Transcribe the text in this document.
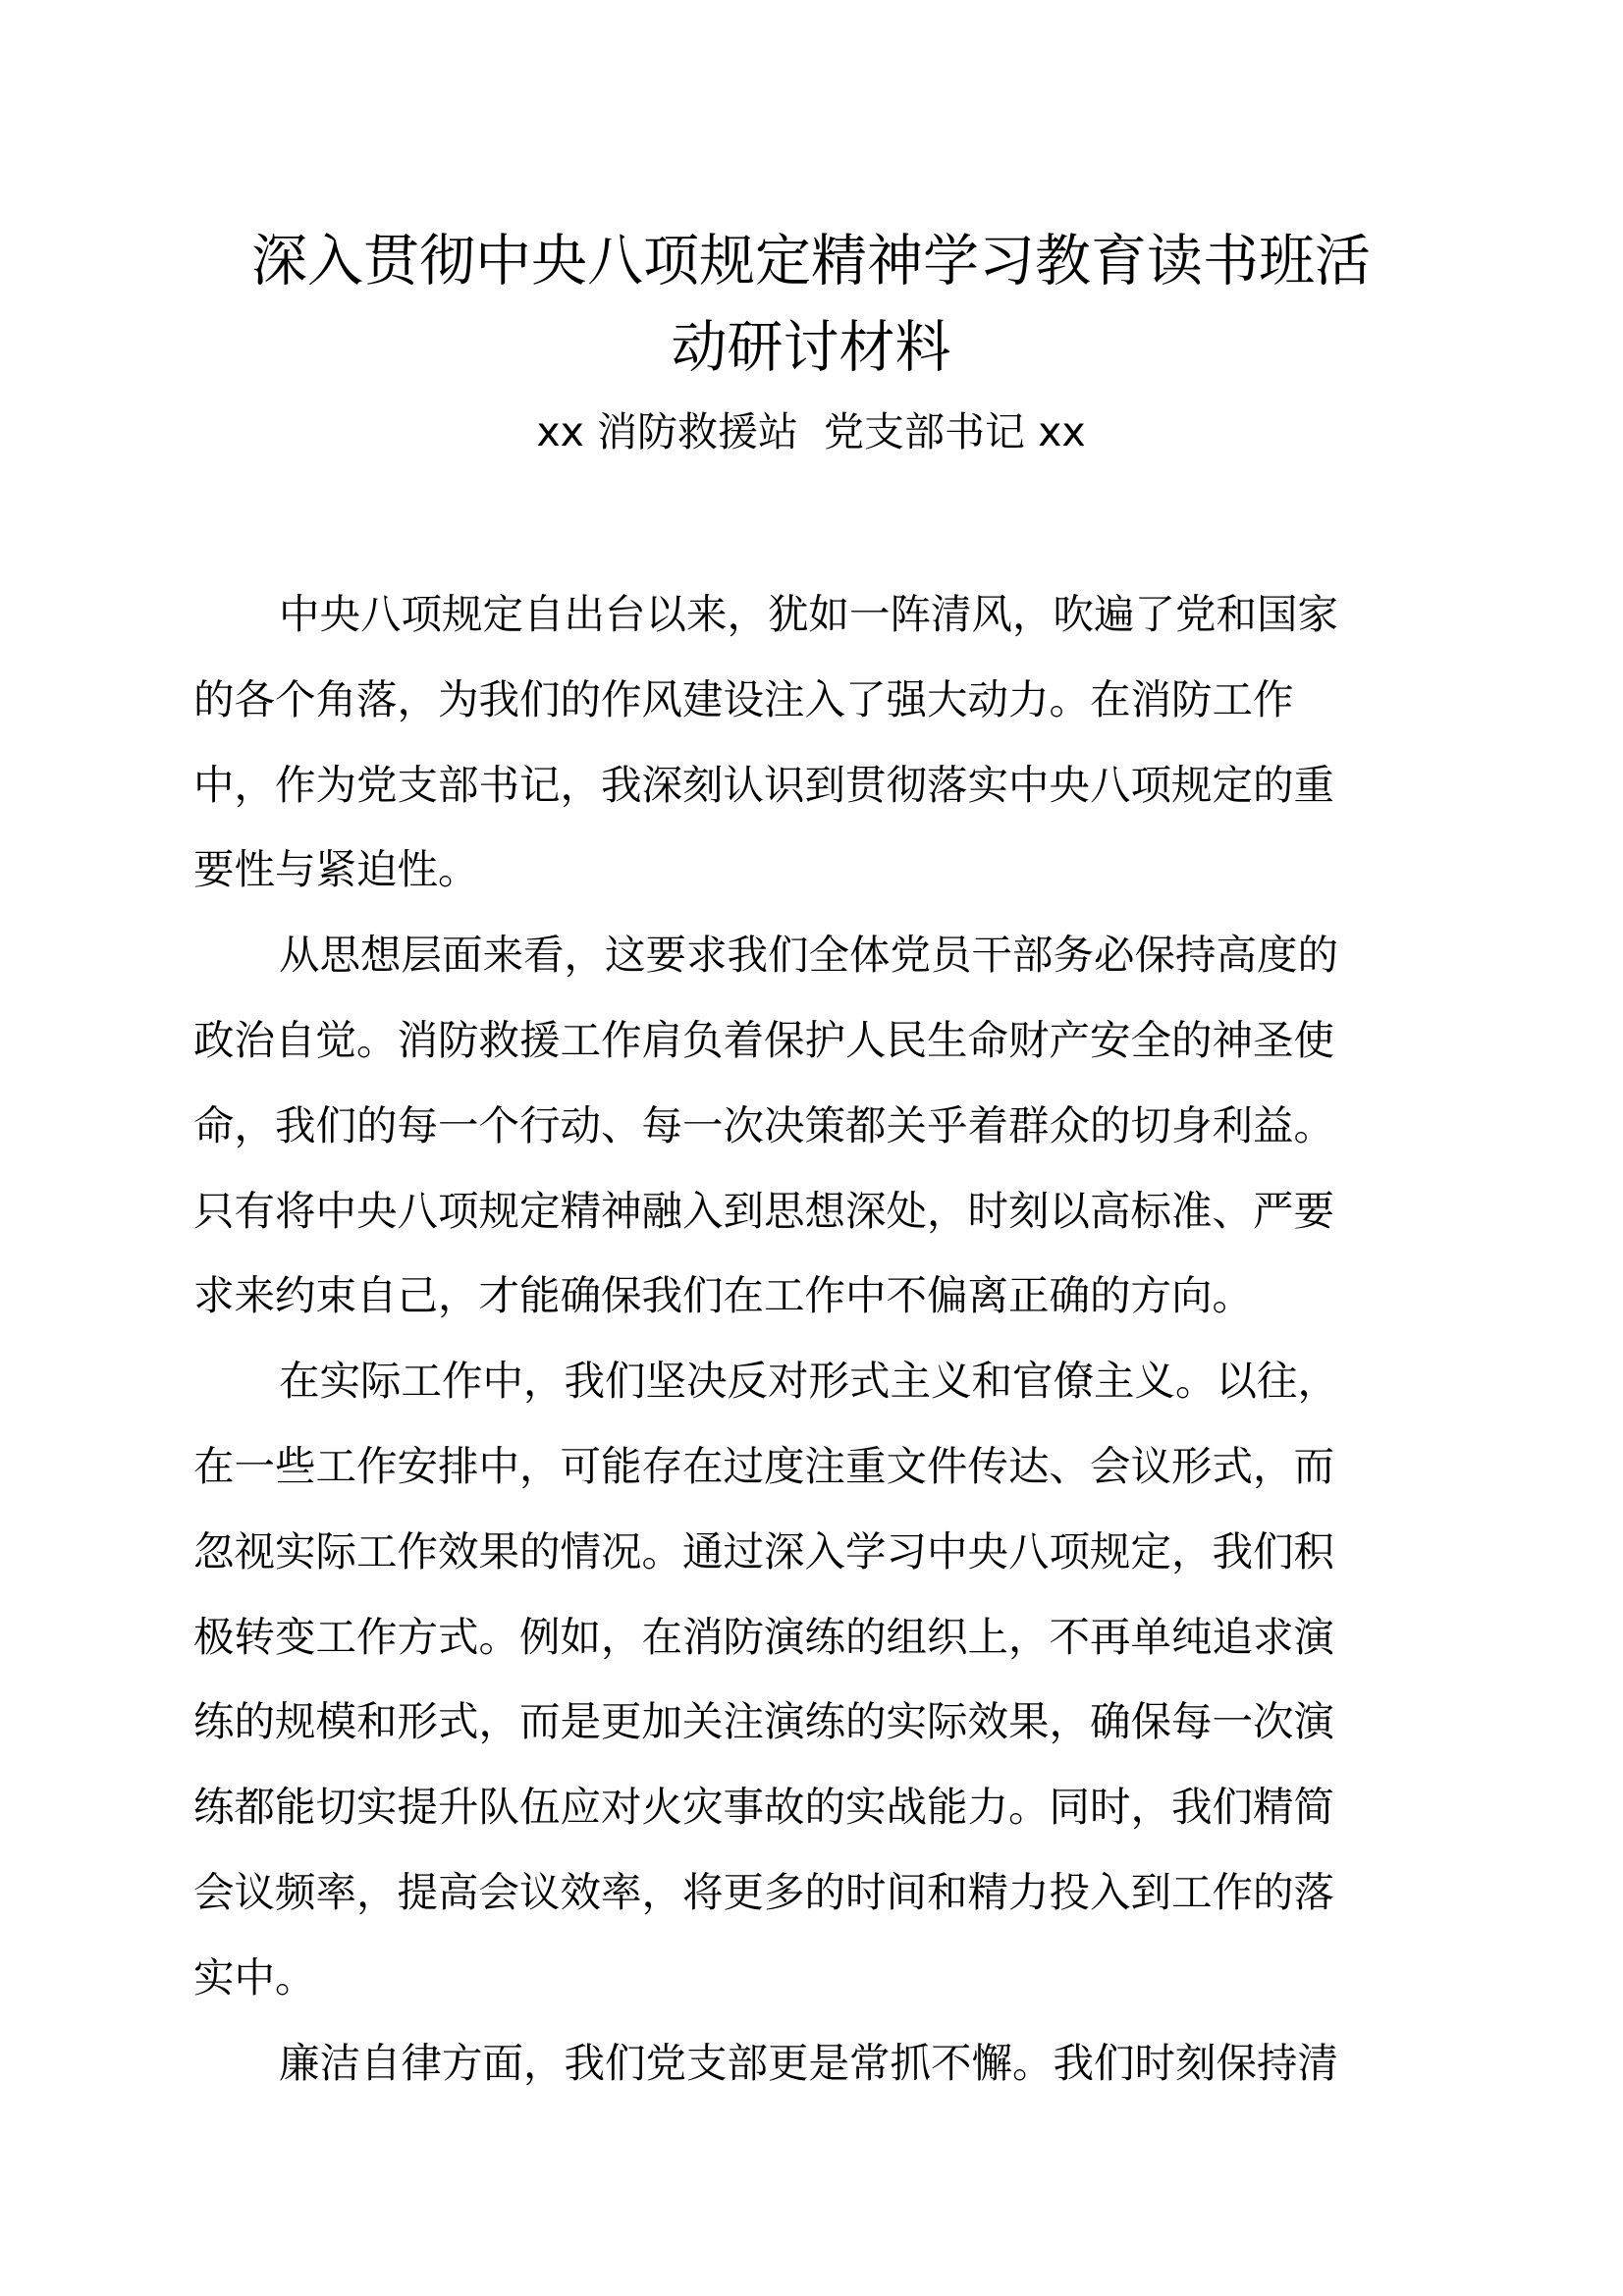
深入贯彻中央八项规定精神学习教育读书班活
动研讨材料

xx 消防救援站  党支部书记 xx

中央八项规定自出台以来，犹如一阵清风，吹遍了党和国家
的各个角落，为我们的作风建设注入了强大动力。在消防工作
中，作为党支部书记，我深刻认识到贯彻落实中央八项规定的重
要性与紧迫性。

从思想层面来看，这要求我们全体党员干部务必保持高度的
政治自觉。消防救援工作肩负着保护人民生命财产安全的神圣使
命，我们的每一个行动、每一次决策都关乎着群众的切身利益。
只有将中央八项规定精神融入到思想深处，时刻以高标准、严要
求来约束自己，才能确保我们在工作中不偏离正确的方向。

在实际工作中，我们坚决反对形式主义和官僚主义。以往，
在一些工作安排中，可能存在过度注重文件传达、会议形式，而
忽视实际工作效果的情况。通过深入学习中央八项规定，我们积
极转变工作方式。例如，在消防演练的组织上，不再单纯追求演
练的规模和形式，而是更加关注演练的实际效果，确保每一次演
练都能切实提升队伍应对火灾事故的实战能力。同时，我们精简
会议频率，提高会议效率，将更多的时间和精力投入到工作的落
实中。

廉洁自律方面，我们党支部更是常抓不懈。我们时刻保持清
